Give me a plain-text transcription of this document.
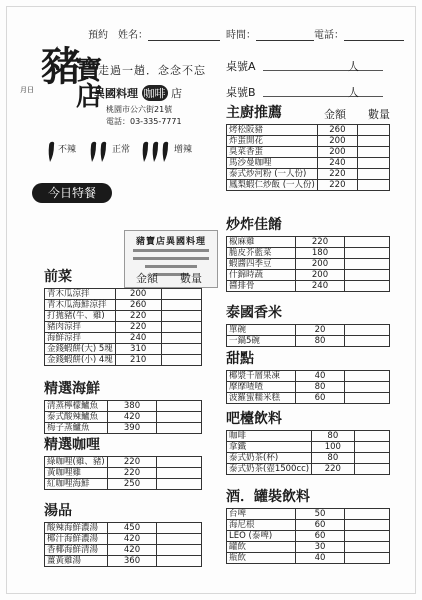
預約 姓名：	時間：	電話：
豬
寶店
月日
走過一趟．念念不忘
異國料理 咖啡 店
桃園市公六街21號
電話：03-335-7771
桌號A	人
桌號B	人
不辣	正常	增辣
今日特餐
豬寶店異國料理
主廚推薦	金額 數量
烤松阪豬	260	
炸蛋開花	200	
臭菜香蛋	200	
馬沙曼咖哩	240	
泰式炒河粉 (一人份)	220	
鳳梨蝦仁炒飯 (一人份)	220	
炒炸佳餚
椒麻雞	220	
脆皮芥藍菜	180	
蝦醬四季豆	200	
什錦時蔬	200	
醬排骨	240	
泰國香米
單碗	20	
一鍋5碗	80	
甜點
椰漿千層果凍	40	
摩摩喳喳	80	
波羅蜜糯米糕	60	
吧檯飲料
咖啡	80	
拿鐵	100	
泰式奶茶(杯)	80	
泰式奶茶(壺1500cc)	220	
酒．罐裝飲料
台啤	50	
海尼根	60	
LEO (泰啤)	60	
罐飲	30	
瓶飲	40	
前菜	金額 數量
青木瓜涼拌	200	
青木瓜海鮮涼拌	260	
打拋豬(牛、雞)	220	
豬肉涼拌	220	
海鮮涼拌	240	
金錢蝦餅(大) 5塊	310	
金錢蝦餅(小) 4塊	210	
精選海鮮
清蒸檸檬鱸魚	380	
泰式酸辣鱸魚	420	
梅子蒸鱸魚	390	
精選咖哩
綠咖哩(雞、豬)	220	
黃咖哩雞	220	
紅咖哩海鮮	250	
湯品
酸辣海鮮濃湯	450	
椰汁海鮮濃湯	420	
香椰海鮮清湯	420	
薑黃雞湯	360	
